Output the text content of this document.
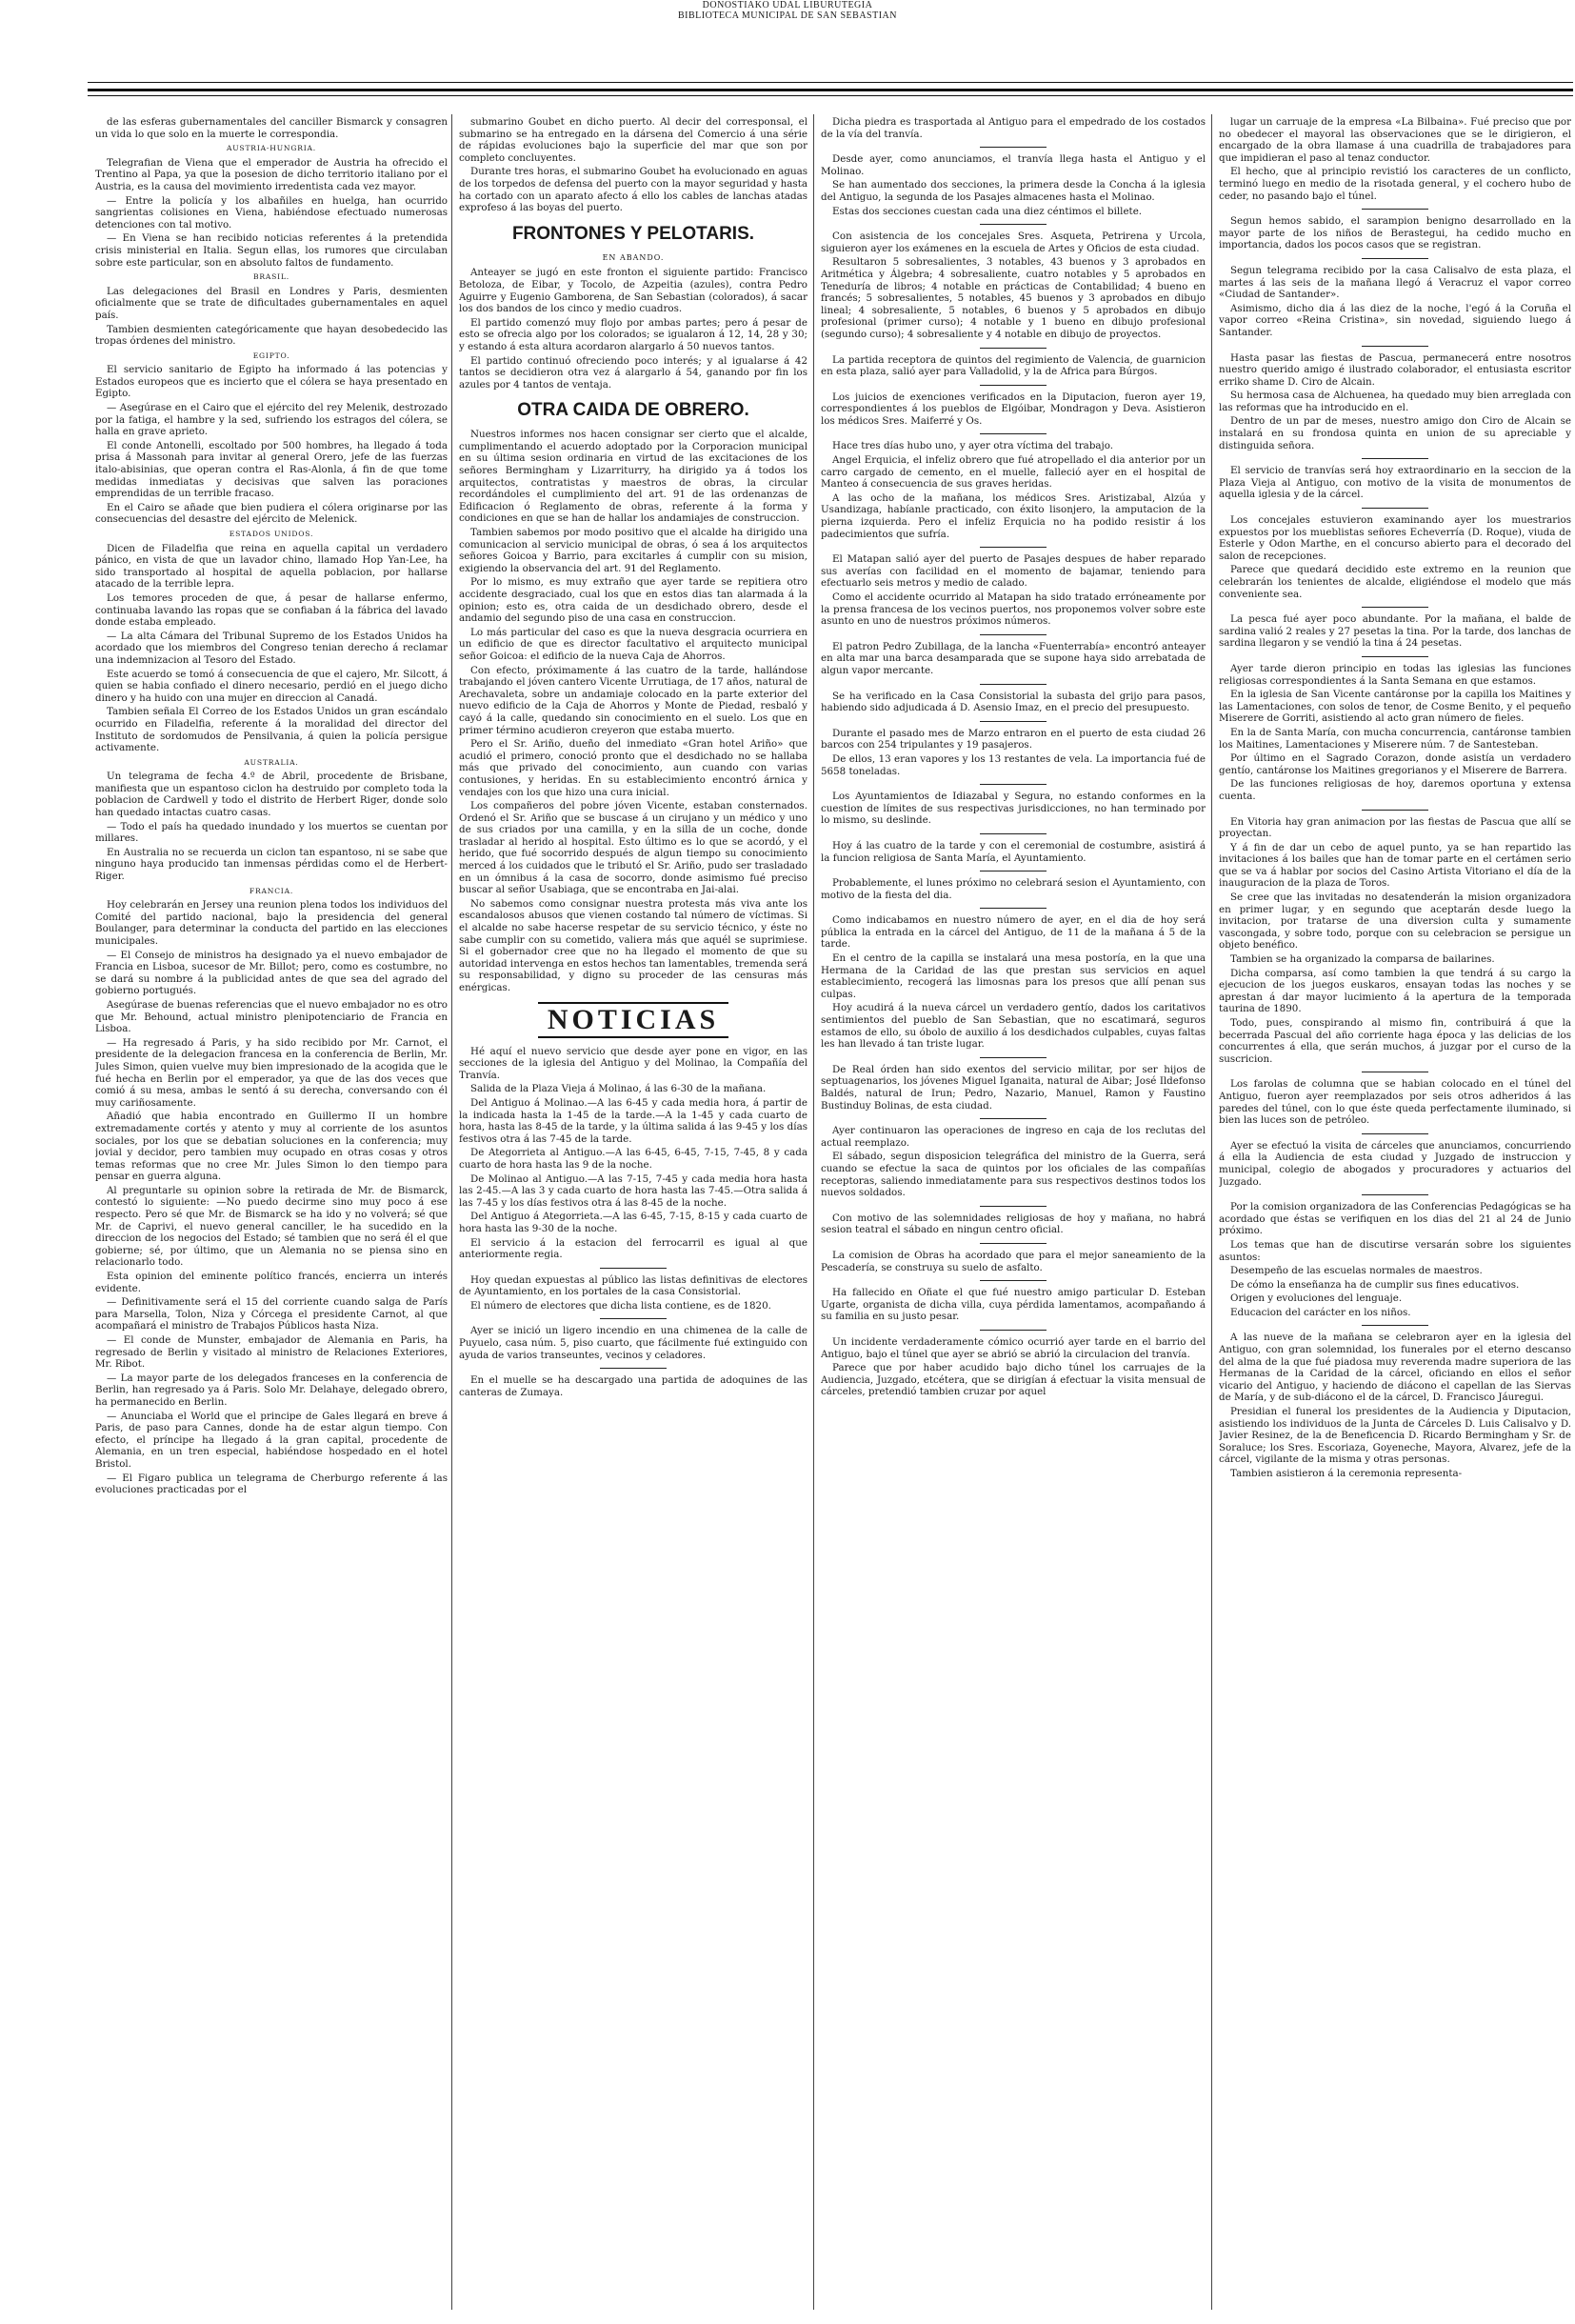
DONOSTIAKO UDAL LIBURUTEGIA
BIBLIOTECA MUNICIPAL DE SAN SEBASTIAN

de las esferas gubernamentales del canciller Bismarck y consagren un vida lo que solo en la muerte le correspondia.

AUSTRIA-HUNGRIA.

Telegrafian de Viena que el emperador de Austria ha ofrecido el Trentino al Papa, ya que la posesion de dicho territorio italiano por el Austria, es la causa del movimiento irredentista cada vez mayor.

— Entre la policía y los albañiles en huelga, han ocurrido sangrientas colisiones en Viena, habiéndose efectuado numerosas detenciones con tal motivo.

— En Viena se han recibido noticias referentes á la pretendida crisis ministerial en Italia. Segun ellas, los rumores que circulaban sobre este particular, son en absoluto faltos de fundamento.

BRASIL.

Las delegaciones del Brasil en Londres y Paris, desmienten oficialmente que se trate de dificultades gubernamentales en aquel país.

Tambien desmienten categóricamente que hayan desobedecido las tropas órdenes del ministro.

EGIPTO.

El servicio sanitario de Egipto ha informado á las potencias y Estados europeos que es incierto que el cólera se haya presentado en Egipto.

— Asegúrase en el Cairo que el ejército del rey Melenik, destrozado por la fatiga, el hambre y la sed, sufriendo los estragos del cólera, se halla en grave aprieto.

El conde Antonelli, escoltado por 500 hombres, ha llegado á toda prisa á Massonah para invitar al general Orero, jefe de las fuerzas italo-abisinias, que operan contra el Ras-Alonla, á fin de que tome medidas inmediatas y decisivas que salven las poraciones emprendidas de un terrible fracaso.

En el Cairo se añade que bien pudiera el cólera originarse por las consecuencias del desastre del ejército de Melenick.

ESTADOS UNIDOS.

Dicen de Filadelfia que reina en aquella capital un verdadero pánico, en vista de que un lavador chino, llamado Hop Yan-Lee, ha sido transportado al hospital de aquella poblacion, por hallarse atacado de la terrible lepra.

Los temores proceden de que, á pesar de hallarse enfermo, continuaba lavando las ropas que se confiaban á la fábrica del lavado donde estaba empleado.

— La alta Cámara del Tribunal Supremo de los Estados Unidos ha acordado que los miembros del Congreso tenian derecho á reclamar una indemnizacion al Tesoro del Estado.

Este acuerdo se tomó á consecuencia de que el cajero, Mr. Silcott, á quien se habia confiado el dinero necesario, perdió en el juego dicho dinero y ha huido con una mujer en direccion al Canadá.

Tambien señala El Correo de los Estados Unidos un gran escándalo ocurrido en Filadelfia, referente á la moralidad del director del Instituto de sordomudos de Pensilvania, á quien la policía persigue activamente.

AUSTRALIA.

Un telegrama de fecha 4.º de Abril, procedente de Brisbane, manifiesta que un espantoso ciclon ha destruido por completo toda la poblacion de Cardwell y todo el distrito de Herbert Riger, donde solo han quedado intactas cuatro casas.

— Todo el país ha quedado inundado y los muertos se cuentan por millares.

En Australia no se recuerda un ciclon tan espantoso, ni se sabe que ninguno haya producido tan inmensas pérdidas como el de Herbert-Riger.

FRANCIA.

Hoy celebrarán en Jersey una reunion plena todos los individuos del Comité del partido nacional, bajo la presidencia del general Boulanger, para determinar la conducta del partido en las elecciones municipales.

— El Consejo de ministros ha designado ya el nuevo embajador de Francia en Lisboa, sucesor de Mr. Billot; pero, como es costumbre, no se dará su nombre á la publicidad antes de que sea del agrado del gobierno portugués.

Asegúrase de buenas referencias que el nuevo embajador no es otro que Mr. Behound, actual ministro plenipotenciario de Francia en Lisboa.

— Ha regresado á Paris, y ha sido recibido por Mr. Carnot, el presidente de la delegacion francesa en la conferencia de Berlin, Mr. Jules Simon, quien vuelve muy bien impresionado de la acogida que le fué hecha en Berlin por el emperador, ya que de las dos veces que comió á su mesa, ambas le sentó á su derecha, conversando con él muy cariñosamente.

Añadió que habia encontrado en Guillermo II un hombre extremadamente cortés y atento y muy al corriente de los asuntos sociales, por los que se debatian soluciones en la conferencia; muy jovial y decidor, pero tambien muy ocupado en otras cosas y otros temas reformas que no cree Mr. Jules Simon lo den tiempo para pensar en guerra alguna.

Al preguntarle su opinion sobre la retirada de Mr. de Bismarck, contestó lo siguiente: —No puedo decirme sino muy poco á ese respecto. Pero sé que Mr. de Bismarck se ha ido y no volverá; sé que Mr. de Caprivi, el nuevo general canciller, le ha sucedido en la direccion de los negocios del Estado; sé tambien que no será él el que gobierne; sé, por último, que un Alemania no se piensa sino en relacionarlo todo.

Esta opinion del eminente político francés, encierra un interés evidente.

— Definitivamente será el 15 del corriente cuando salga de París para Marsella, Tolon, Niza y Córcega el presidente Carnot, al que acompañará el ministro de Trabajos Públicos hasta Niza.

— El conde de Munster, embajador de Alemania en Paris, ha regresado de Berlin y visitado al ministro de Relaciones Exteriores, Mr. Ribot.

— La mayor parte de los delegados franceses en la conferencia de Berlin, han regresado ya á Paris. Solo Mr. Delahaye, delegado obrero, ha permanecido en Berlin.

— Anunciaba el World que el principe de Gales llegará en breve á Paris, de paso para Cannes, donde ha de estar algun tiempo. Con efecto, el príncipe ha llegado á la gran capital, procedente de Alemania, en un tren especial, habiéndose hospedado en el hotel Bristol.

— El Figaro publica un telegrama de Cherburgo referente á las evoluciones practicadas por el

submarino Goubet en dicho puerto. Al decir del corresponsal, el submarino se ha entregado en la dársena del Comercio á una série de rápidas evoluciones bajo la superficie del mar que son por completo concluyentes.

Durante tres horas, el submarino Goubet ha evolucionado en aguas de los torpedos de defensa del puerto con la mayor seguridad y hasta ha cortado con un aparato afecto á ello los cables de lanchas atadas exprofeso á las boyas del puerto.

FRONTONES Y PELOTARIS.
EN ABANDO.

Anteayer se jugó en este fronton el siguiente partido: Francisco Betoloza, de Eibar, y Tocolo, de Azpeitia (azules), contra Pedro Aguirre y Eugenio Gamborena, de San Sebastian (colorados), á sacar los dos bandos de los cinco y medio cuadros.

El partido comenzó muy flojo por ambas partes; pero á pesar de esto se ofrecia algo por los colorados; se igualaron á 12, 14, 28 y 30; y estando á esta altura acordaron alargarlo á 50 nuevos tantos.

El partido continuó ofreciendo poco interés; y al igualarse á 42 tantos se decidieron otra vez á alargarlo á 54, ganando por fin los azules por 4 tantos de ventaja.

OTRA CAIDA DE OBRERO.

Nuestros informes nos hacen consignar ser cierto que el alcalde, cumplimentando el acuerdo adoptado por la Corporacion municipal en su última sesion ordinaria en virtud de las excitaciones de los señores Bermingham y Lizarriturry, ha dirigido ya á todos los arquitectos, contratistas y maestros de obras, la circular recordándoles el cumplimiento del art. 91 de las ordenanzas de Edificacion ó Reglamento de obras, referente á la forma y condiciones en que se han de hallar los andamiajes de construccion.

Tambien sabemos por modo positivo que el alcalde ha dirigido una comunicacion al servicio municipal de obras, ó sea á los arquitectos señores Goicoa y Barrio, para excitarles á cumplir con su mision, exigiendo la observancia del art. 91 del Reglamento.

Por lo mismo, es muy extraño que ayer tarde se repitiera otro accidente desgraciado, cual los que en estos dias tan alarmada á la opinion; esto es, otra caida de un desdichado obrero, desde el andamio del segundo piso de una casa en construccion.

Lo más particular del caso es que la nueva desgracia ocurriera en un edificio de que es director facultativo el arquitecto municipal señor Goicoa: el edificio de la nueva Caja de Ahorros.

Con efecto, próximamente á las cuatro de la tarde, hallándose trabajando el jóven cantero Vicente Urrutiaga, de 17 años, natural de Arechavaleta, sobre un andamiaje colocado en la parte exterior del nuevo edificio de la Caja de Ahorros y Monte de Piedad, resbaló y cayó á la calle, quedando sin conocimiento en el suelo. Los que en primer término acudieron creyeron que estaba muerto.

Pero el Sr. Ariño, dueño del inmediato «Gran hotel Ariño» que acudió el primero, conoció pronto que el desdichado no se hallaba más que privado del conocimiento, aun cuando con varias contusiones, y heridas. En su establecimiento encontró árnica y vendajes con los que hizo una cura inicial.

Los compañeros del pobre jóven Vicente, estaban consternados. Ordenó el Sr. Ariño que se buscase á un cirujano y un médico y uno de sus criados por una camilla, y en la silla de un coche, donde trasladar al herido al hospital. Esto último es lo que se acordó, y el herido, que fué socorrido después de algun tiempo su conocimiento merced á los cuidados que le tributó el Sr. Ariño, pudo ser trasladado en un ómnibus á la casa de socorro, donde asimismo fué preciso buscar al señor Usabiaga, que se encontraba en Jai-alai.

No sabemos como consignar nuestra protesta más viva ante los escandalosos abusos que vienen costando tal número de víctimas. Si el alcalde no sabe hacerse respetar de su servicio técnico, y éste no sabe cumplir con su cometido, valiera más que aquél se suprimiese. Si el gobernador cree que no ha llegado el momento de que su autoridad intervenga en estos hechos tan lamentables, tremenda será su responsabilidad, y digno su proceder de las censuras más enérgicas.

NOTICIAS

Hé aquí el nuevo servicio que desde ayer pone en vigor, en las secciones de la iglesia del Antiguo y del Molinao, la Compañía del Tranvía.

Salida de la Plaza Vieja á Molinao, á las 6-30 de la mañana.

Del Antiguo á Molinao.—A las 6-45 y cada media hora, á partir de la indicada hasta la 1-45 de la tarde.—A la 1-45 y cada cuarto de hora, hasta las 8-45 de la tarde, y la última salida á las 9-45 y los días festivos otra á las 7-45 de la tarde.

De Ategorrieta al Antiguo.—A las 6-45, 6-45, 7-15, 7-45, 8 y cada cuarto de hora hasta las 9 de la noche.

De Molinao al Antiguo.—A las 7-15, 7-45 y cada media hora hasta las 2-45.—A las 3 y cada cuarto de hora hasta las 7-45.—Otra salida á las 7-45 y los días festivos otra á las 8-45 de la noche.

Del Antiguo á Ategorrieta.—A las 6-45, 7-15, 8-15 y cada cuarto de hora hasta las 9-30 de la noche.

El servicio á la estacion del ferrocarril es igual al que anteriormente regia.

Hoy quedan expuestas al público las listas definitivas de electores de Ayuntamiento, en los portales de la casa Consistorial.

El número de electores que dicha lista contiene, es de 1820.

Ayer se inició un ligero incendio en una chimenea de la calle de Puyuelo, casa núm. 5, piso cuarto, que fácilmente fué extinguido con ayuda de varios transeuntes, vecinos y celadores.

En el muelle se ha descargado una partida de adoquines de las canteras de Zumaya.

Dicha piedra es trasportada al Antiguo para el empedrado de los costados de la vía del tranvía.

Desde ayer, como anunciamos, el tranvía llega hasta el Antiguo y el Molinao.

Se han aumentado dos secciones, la primera desde la Concha á la iglesia del Antiguo, la segunda de los Pasajes almacenes hasta el Molinao.

Estas dos secciones cuestan cada una diez céntimos el billete.

Con asistencia de los concejales Sres. Asqueta, Petrirena y Urcola, siguieron ayer los exámenes en la escuela de Artes y Oficios de esta ciudad.

Resultaron 5 sobresalientes, 3 notables, 43 buenos y 3 aprobados en Aritmética y Álgebra; 4 sobresaliente, cuatro notables y 5 aprobados en Teneduría de libros; 4 notable en prácticas de Contabilidad; 4 bueno en francés; 5 sobresalientes, 5 notables, 45 buenos y 3 aprobados en dibujo lineal; 4 sobresaliente, 5 notables, 6 buenos y 5 aprobados en dibujo profesional (primer curso); 4 notable y 1 bueno en dibujo profesional (segundo curso); 4 sobresaliente y 4 notable en dibujo de proyectos.

La partida receptora de quintos del regimiento de Valencia, de guarnicion en esta plaza, salió ayer para Valladolid, y la de Africa para Búrgos.

Los juicios de exenciones verificados en la Diputacion, fueron ayer 19, correspondientes á los pueblos de Elgóibar, Mondragon y Deva. Asistieron los médicos Sres. Maiferré y Os.

Hace tres días hubo uno, y ayer otra víctima del trabajo.

Angel Erquicia, el infeliz obrero que fué atropellado el dia anterior por un carro cargado de cemento, en el muelle, falleció ayer en el hospital de Manteo á consecuencia de sus graves heridas.

A las ocho de la mañana, los médicos Sres. Aristizabal, Alzúa y Usandizaga, habíanle practicado, con éxito lisonjero, la amputacion de la pierna izquierda. Pero el infeliz Erquicia no ha podido resistir á los padecimientos que sufría.

El Matapan salió ayer del puerto de Pasajes despues de haber reparado sus averías con facilidad en el momento de bajamar, teniendo para efectuarlo seis metros y medio de calado.

Como el accidente ocurrido al Matapan ha sido tratado erróneamente por la prensa francesa de los vecinos puertos, nos proponemos volver sobre este asunto en uno de nuestros próximos números.

El patron Pedro Zubillaga, de la lancha «Fuenterrabía» encontró anteayer en alta mar una barca desamparada que se supone haya sido arrebatada de algun vapor mercante.

Se ha verificado en la Casa Consistorial la subasta del grijo para pasos, habiendo sido adjudicada á D. Asensio Imaz, en el precio del presupuesto.

Durante el pasado mes de Marzo entraron en el puerto de esta ciudad 26 barcos con 254 tripulantes y 19 pasajeros.

De ellos, 13 eran vapores y los 13 restantes de vela. La importancia fué de 5658 toneladas.

Los Ayuntamientos de Idiazabal y Segura, no estando conformes en la cuestion de límites de sus respectivas jurisdicciones, no han terminado por lo mismo, su deslinde.

Hoy á las cuatro de la tarde y con el ceremonial de costumbre, asistirá á la funcion religiosa de Santa María, el Ayuntamiento.

Probablemente, el lunes próximo no celebrará sesion el Ayuntamiento, con motivo de la fiesta del dia.

Como indicabamos en nuestro número de ayer, en el dia de hoy será pública la entrada en la cárcel del Antiguo, de 11 de la mañana á 5 de la tarde.

En el centro de la capilla se instalará una mesa postoría, en la que una Hermana de la Caridad de las que prestan sus servicios en aquel establecimiento, recogerá las limosnas para los presos que allí penan sus culpas.

Hoy acudirá á la nueva cárcel un verdadero gentío, dados los caritativos sentimientos del pueblo de San Sebastian, que no escatimará, seguros estamos de ello, su óbolo de auxilio á los desdichados culpables, cuyas faltas les han llevado á tan triste lugar.

De Real órden han sido exentos del servicio militar, por ser hijos de septuagenarios, los jóvenes Miguel Iganaita, natural de Aibar; José Ildefonso Baldés, natural de Irun; Pedro, Nazario, Manuel, Ramon y Faustino Bustinduy Bolinas, de esta ciudad.

Ayer continuaron las operaciones de ingreso en caja de los reclutas del actual reemplazo.

El sábado, segun disposicion telegráfica del ministro de la Guerra, será cuando se efectue la saca de quintos por los oficiales de las compañías receptoras, saliendo inmediatamente para sus respectivos destinos todos los nuevos soldados.

Con motivo de las solemnidades religiosas de hoy y mañana, no habrá sesion teatral el sábado en ningun centro oficial.

La comision de Obras ha acordado que para el mejor saneamiento de la Pescadería, se construya su suelo de asfalto.

Ha fallecido en Oñate el que fué nuestro amigo particular D. Esteban Ugarte, organista de dicha villa, cuya pérdida lamentamos, acompañando á su familia en su justo pesar.

Un incidente verdaderamente cómico ocurrió ayer tarde en el barrio del Antiguo, bajo el túnel que ayer se abrió se abrió la circulacion del tranvía.

Parece que por haber acudido bajo dicho túnel los carruajes de la Audiencia, Juzgado, etcétera, que se dirigían á efectuar la visita mensual de cárceles, pretendió tambien cruzar por aquel

lugar un carruaje de la empresa «La Bilbaina». Fué preciso que por no obedecer el mayoral las observaciones que se le dirigieron, el encargado de la obra llamase á una cuadrilla de trabajadores para que impidieran el paso al tenaz conductor.

El hecho, que al principio revistió los caracteres de un conflicto, terminó luego en medio de la risotada general, y el cochero hubo de ceder, no pasando bajo el túnel.

Segun hemos sabido, el sarampion benigno desarrollado en la mayor parte de los niños de Berastegui, ha cedido mucho en importancia, dados los pocos casos que se registran.

Segun telegrama recibido por la casa Calisalvo de esta plaza, el martes á las seis de la mañana llegó á Veracruz el vapor correo «Ciudad de Santander».

Asimismo, dicho dia á las diez de la noche, l'egó á la Coruña el vapor correo «Reina Cristina», sin novedad, siguiendo luego á Santander.

Hasta pasar las fiestas de Pascua, permanecerá entre nosotros nuestro querido amigo é ilustrado colaborador, el entusiasta escritor erriko shame D. Ciro de Alcain.

Su hermosa casa de Alchuenea, ha quedado muy bien arreglada con las reformas que ha introducido en el.

Dentro de un par de meses, nuestro amigo don Ciro de Alcain se instalará en su frondosa quinta en union de su apreciable y distinguida señora.

El servicio de tranvías será hoy extraordinario en la seccion de la Plaza Vieja al Antiguo, con motivo de la visita de monumentos de aquella iglesia y de la cárcel.

Los concejales estuvieron examinando ayer los muestrarios expuestos por los mueblistas señores Echeverría (D. Roque), viuda de Esterle y Odon Marthe, en el concurso abierto para el decorado del salon de recepciones.

Parece que quedará decidido este extremo en la reunion que celebrarán los tenientes de alcalde, eligiéndose el modelo que más conveniente sea.

La pesca fué ayer poco abundante. Por la mañana, el balde de sardina valió 2 reales y 27 pesetas la tina. Por la tarde, dos lanchas de sardina llegaron y se vendió la tina á 24 pesetas.

Ayer tarde dieron principio en todas las iglesias las funciones religiosas correspondientes á la Santa Semana en que estamos.

En la iglesia de San Vicente cantáronse por la capilla los Maitines y las Lamentaciones, con solos de tenor, de Cosme Benito, y el pequeño Miserere de Gorriti, asistiendo al acto gran número de fieles.

En la de Santa María, con mucha concurrencia, cantáronse tambien los Maitines, Lamentaciones y Miserere núm. 7 de Santesteban.

Por último en el Sagrado Corazon, donde asistía un verdadero gentío, cantáronse los Maitines gregorianos y el Miserere de Barrera.

De las funciones religiosas de hoy, daremos oportuna y extensa cuenta.

En Vitoria hay gran animacion por las fiestas de Pascua que allí se proyectan.

Y á fin de dar un cebo de aquel punto, ya se han repartido las invitaciones á los bailes que han de tomar parte en el certámen serio que se va á hablar por socios del Casino Artista Vitoriano el día de la inauguracion de la plaza de Toros.

Se cree que las invitadas no desatenderán la mision organizadora en primer lugar, y en segundo que aceptarán desde luego la invitacion, por tratarse de una diversion culta y sumamente vascongada, y sobre todo, porque con su celebracion se persigue un objeto benéfico.

Tambien se ha organizado la comparsa de bailarines.

Dicha comparsa, así como tambien la que tendrá á su cargo la ejecucion de los juegos euskaros, ensayan todas las noches y se aprestan á dar mayor lucimiento á la apertura de la temporada taurina de 1890.

Todo, pues, conspirando al mismo fin, contribuirá á que la becerrada Pascual del año corriente haga época y las delicias de los concurrentes á ella, que serán muchos, á juzgar por el curso de la suscricion.

Los farolas de columna que se habian colocado en el túnel del Antiguo, fueron ayer reemplazados por seis otros adheridos á las paredes del túnel, con lo que éste queda perfectamente iluminado, si bien las luces son de petróleo.

Ayer se efectuó la visita de cárceles que anunciamos, concurriendo á ella la Audiencia de esta ciudad y Juzgado de instruccion y municipal, colegio de abogados y procuradores y actuarios del Juzgado.

Por la comision organizadora de las Conferencias Pedagógicas se ha acordado que éstas se verifiquen en los dias del 21 al 24 de Junio próximo.

Los temas que han de discutirse versarán sobre los siguientes asuntos:

Desempeño de las escuelas normales de maestros.

De cómo la enseñanza ha de cumplir sus fines educativos.

Origen y evoluciones del lenguaje.

Educacion del carácter en los niños.

A las nueve de la mañana se celebraron ayer en la iglesia del Antiguo, con gran solemnidad, los funerales por el eterno descanso del alma de la que fué piadosa muy reverenda madre superiora de las Hermanas de la Caridad de la cárcel, oficiando en ellos el señor vicario del Antiguo, y haciendo de diácono el capellan de las Siervas de María, y de sub-diácono el de la cárcel, D. Francisco Jáuregui.

Presidian el funeral los presidentes de la Audiencia y Diputacion, asistiendo los individuos de la Junta de Cárceles D. Luis Calisalvo y D. Javier Resinez, de la de Beneficencia D. Ricardo Bermingham y Sr. de Soraluce; los Sres. Escoriaza, Goyeneche, Mayora, Alvarez, jefe de la cárcel, vigilante de la misma y otras personas.

Tambien asistieron á la ceremonia representa-
